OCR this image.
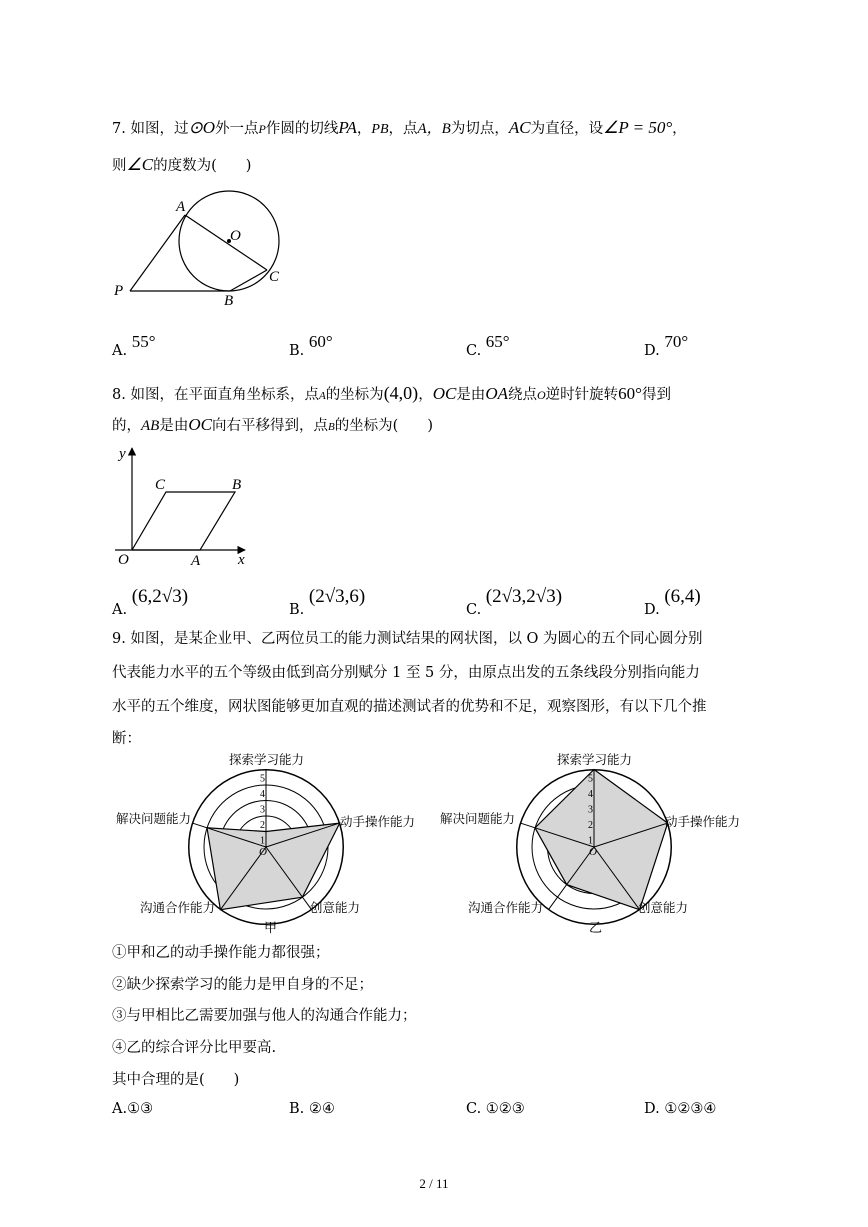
7. 如图，过⊙O外一点P作圆的切线PA，PB，点A，B为切点，AC为直径，设∠P = 50°，
则∠C的度数为(　　)
A
O
C
P
B
A. 55°	B. 60°	C. 65°	D. 70°
8. 如图，在平面直角坐标系，点A的坐标为(4,0)，OC是由OA绕点O逆时针旋转60°得到
的，AB是由OC向右平移得到，点B的坐标为(　　)
y
x
O	A
B
C
A. (6,2√3)
B. (2√3,6)
C. (2√3,2√3)
D. (6,4)
9. 如图，是某企业甲、乙两位员工的能力测试结果的网状图，以 O 为圆心的五个同心圆分别
代表能力水平的五个等级由低到高分别赋分 1 至 5 分，由原点出发的五条线段分别指向能力
水平的五个维度，网状图能够更加直观的描述测试者的优势和不足，观察图形，有以下几个推
断：
1
2
3
4
5
探索学习能力
动手操作能力
创意能力
沟通合作能力
解决问题能力
O
甲
1
2
3
4
5
探索学习能力
动手操作能力
创意能力
沟通合作能力
解决问题能力
O
乙
①甲和乙的动手操作能力都很强；
②缺少探索学习的能力是甲自身的不足；
③与甲相比乙需要加强与他人的沟通合作能力；
④乙的综合评分比甲要高.
其中合理的是(　　)
A.①③	B. ②④	C. ①②③	D. ①②③④
2 / 11
